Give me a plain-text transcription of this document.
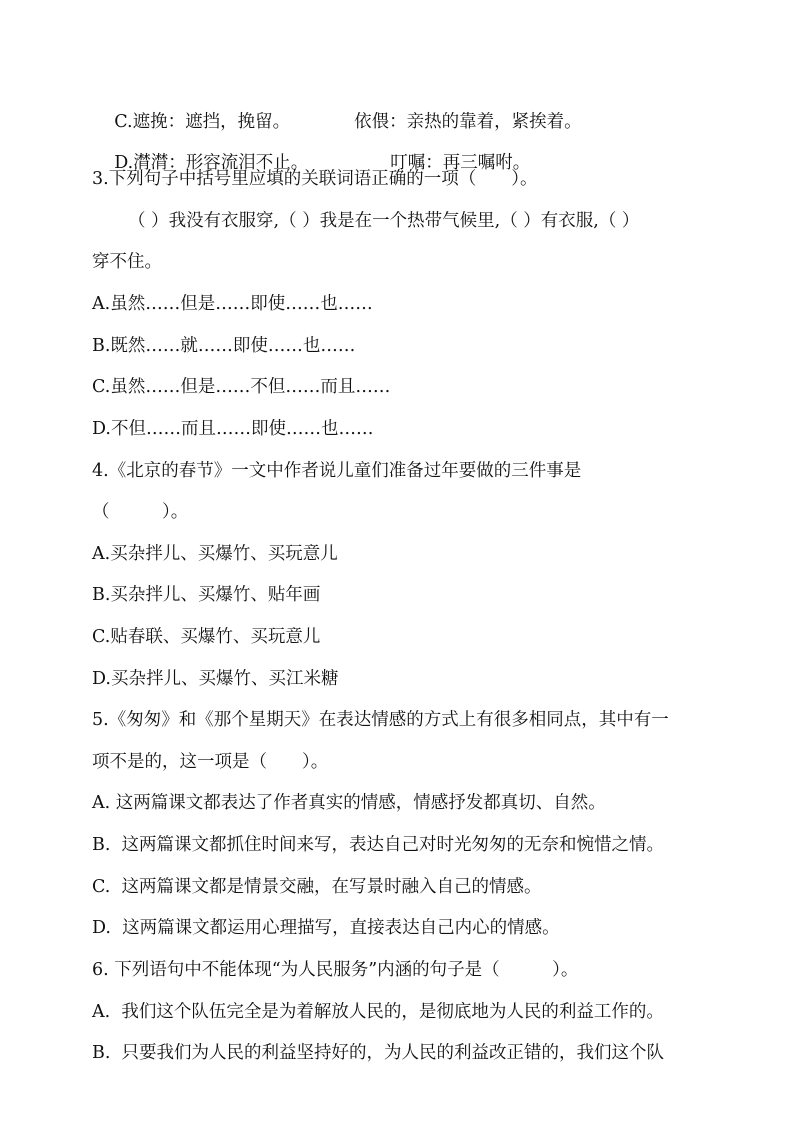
C.遮挽：遮挡，挽留。	依偎：亲热的靠着，紧挨着。

D.潸潸：形容流泪不止。	叮嘱：再三嘱咐。

3.下列句子中括号里应填的关联词语正确的一项（　　）。
（ ）我没有衣服穿,（ ）我是在一个热带气候里,（ ）有衣服,（ ）
穿不住。
A.虽然……但是……即使……也……
B.既然……就……即使……也……
C.虽然……但是……不但……而且……
D.不但……而且……即使……也……
4.《北京的春节》一文中作者说儿童们准备过年要做的三件事是
（　　　）。
A.买杂拌儿、买爆竹、买玩意儿
B.买杂拌儿、买爆竹、贴年画
C.贴春联、买爆竹、买玩意儿
D.买杂拌儿、买爆竹、买江米糖
5.《匆匆》和《那个星期天》在表达情感的方式上有很多相同点，其中有一
项不是的，这一项是（　　）。
A. 这两篇课文都表达了作者真实的情感，情感抒发都真切、自然。
B.  这两篇课文都抓住时间来写，表达自己对时光匆匆的无奈和惋惜之情。
C.  这两篇课文都是情景交融，在写景时融入自己的情感。
D.  这两篇课文都运用心理描写，直接表达自己内心的情感。
6. 下列语句中不能体现“为人民服务”内涵的句子是（　　　）。
A.  我们这个队伍完全是为着解放人民的，是彻底地为人民的利益工作的。
B.  只要我们为人民的利益坚持好的，为人民的利益改正错的，我们这个队
